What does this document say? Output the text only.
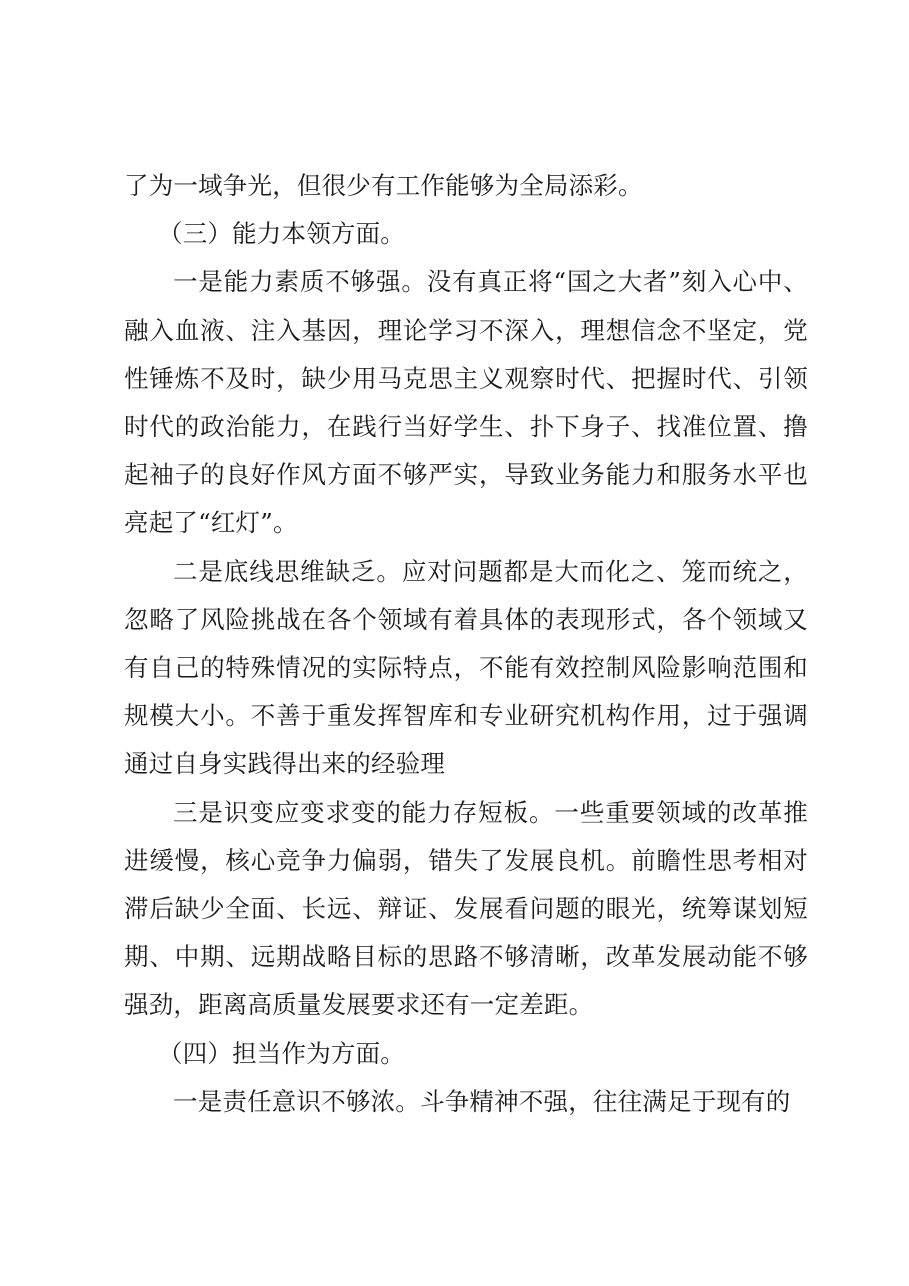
了为一域争光，但很少有工作能够为全局添彩。

（三）能力本领方面。

一是能力素质不够强。没有真正将“国之大者”刻入心中、融入血液、注入基因，理论学习不深入，理想信念不坚定，党性锤炼不及时，缺少用马克思主义观察时代、把握时代、引领时代的政治能力，在践行当好学生、扑下身子、找准位置、撸起袖子的良好作风方面不够严实，导致业务能力和服务水平也亮起了“红灯”。

二是底线思维缺乏。应对问题都是大而化之、笼而统之，忽略了风险挑战在各个领域有着具体的表现形式，各个领域又有自己的特殊情况的实际特点，不能有效控制风险影响范围和规模大小。不善于重发挥智库和专业研究机构作用，过于强调通过自身实践得出来的经验理

三是识变应变求变的能力存短板。一些重要领域的改革推进缓慢，核心竞争力偏弱，错失了发展良机。前瞻性思考相对滞后缺少全面、长远、辩证、发展看问题的眼光，统筹谋划短期、中期、远期战略目标的思路不够清晰，改革发展动能不够强劲，距离高质量发展要求还有一定差距。

（四）担当作为方面。

一是责任意识不够浓。斗争精神不强，往往满足于现有的
